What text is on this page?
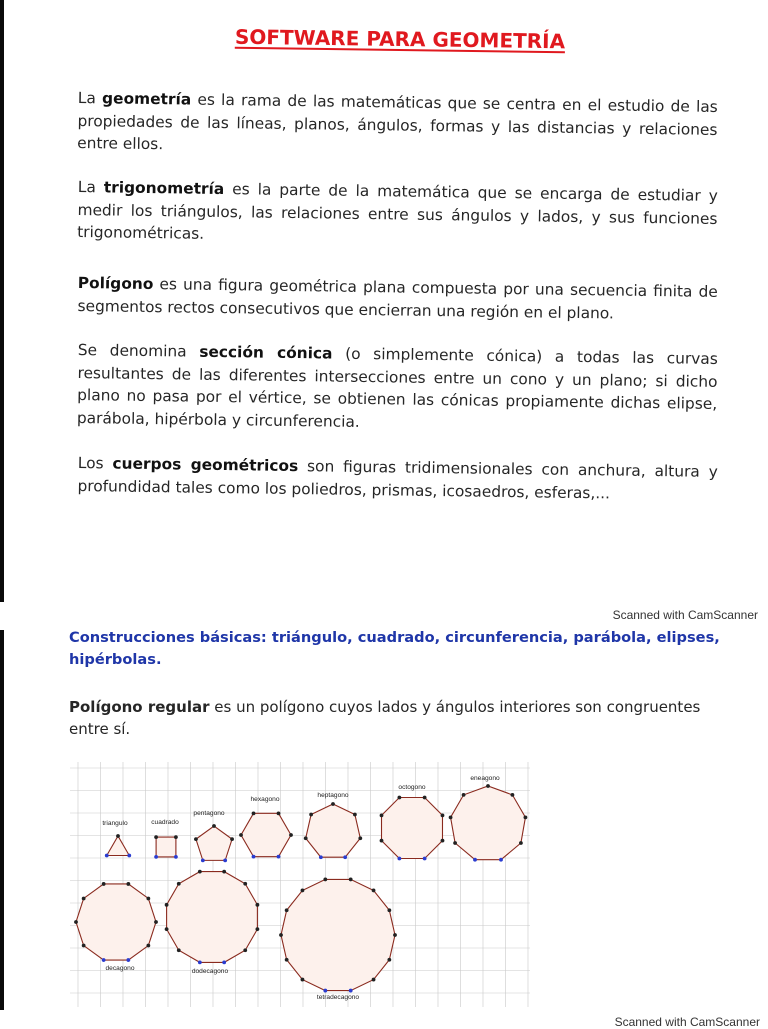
SOFTWARE PARA GEOMETRÍA

La geometría es la rama de las matemáticas que se centra en el estudio de las propiedades de las líneas, planos, ángulos, formas y las distancias y relaciones entre ellos.

La trigonometría es la parte de la matemática que se encarga de estudiar y medir los triángulos, las relaciones entre sus ángulos y lados, y sus funciones trigonométricas.

Polígono es una figura geométrica plana compuesta por una secuencia finita de segmentos rectos consecutivos que encierran una región en el plano.

Se denomina sección cónica (o simplemente cónica) a todas las curvas resultantes de las diferentes intersecciones entre un cono y un plano; si dicho plano no pasa por el vértice, se obtienen las cónicas propiamente dichas elipse, parábola, hipérbola y circunferencia.

Los cuerpos geométricos son figuras tridimensionales con anchura, altura y profundidad tales como los poliedros, prismas, icosaedros, esferas,...

Scanned with CamScanner
Construcciones básicas: triángulo, cuadrado, circunferencia, parábola, elipses, hipérbolas.

Polígono regular es un polígono cuyos lados y ángulos interiores son congruentes entre sí.

triangulo	cuadrado
pentagono
hexagono
heptagono
octogono
eneagono
decagono	dodecagono
tetradecagono
Scanned with CamScanner
